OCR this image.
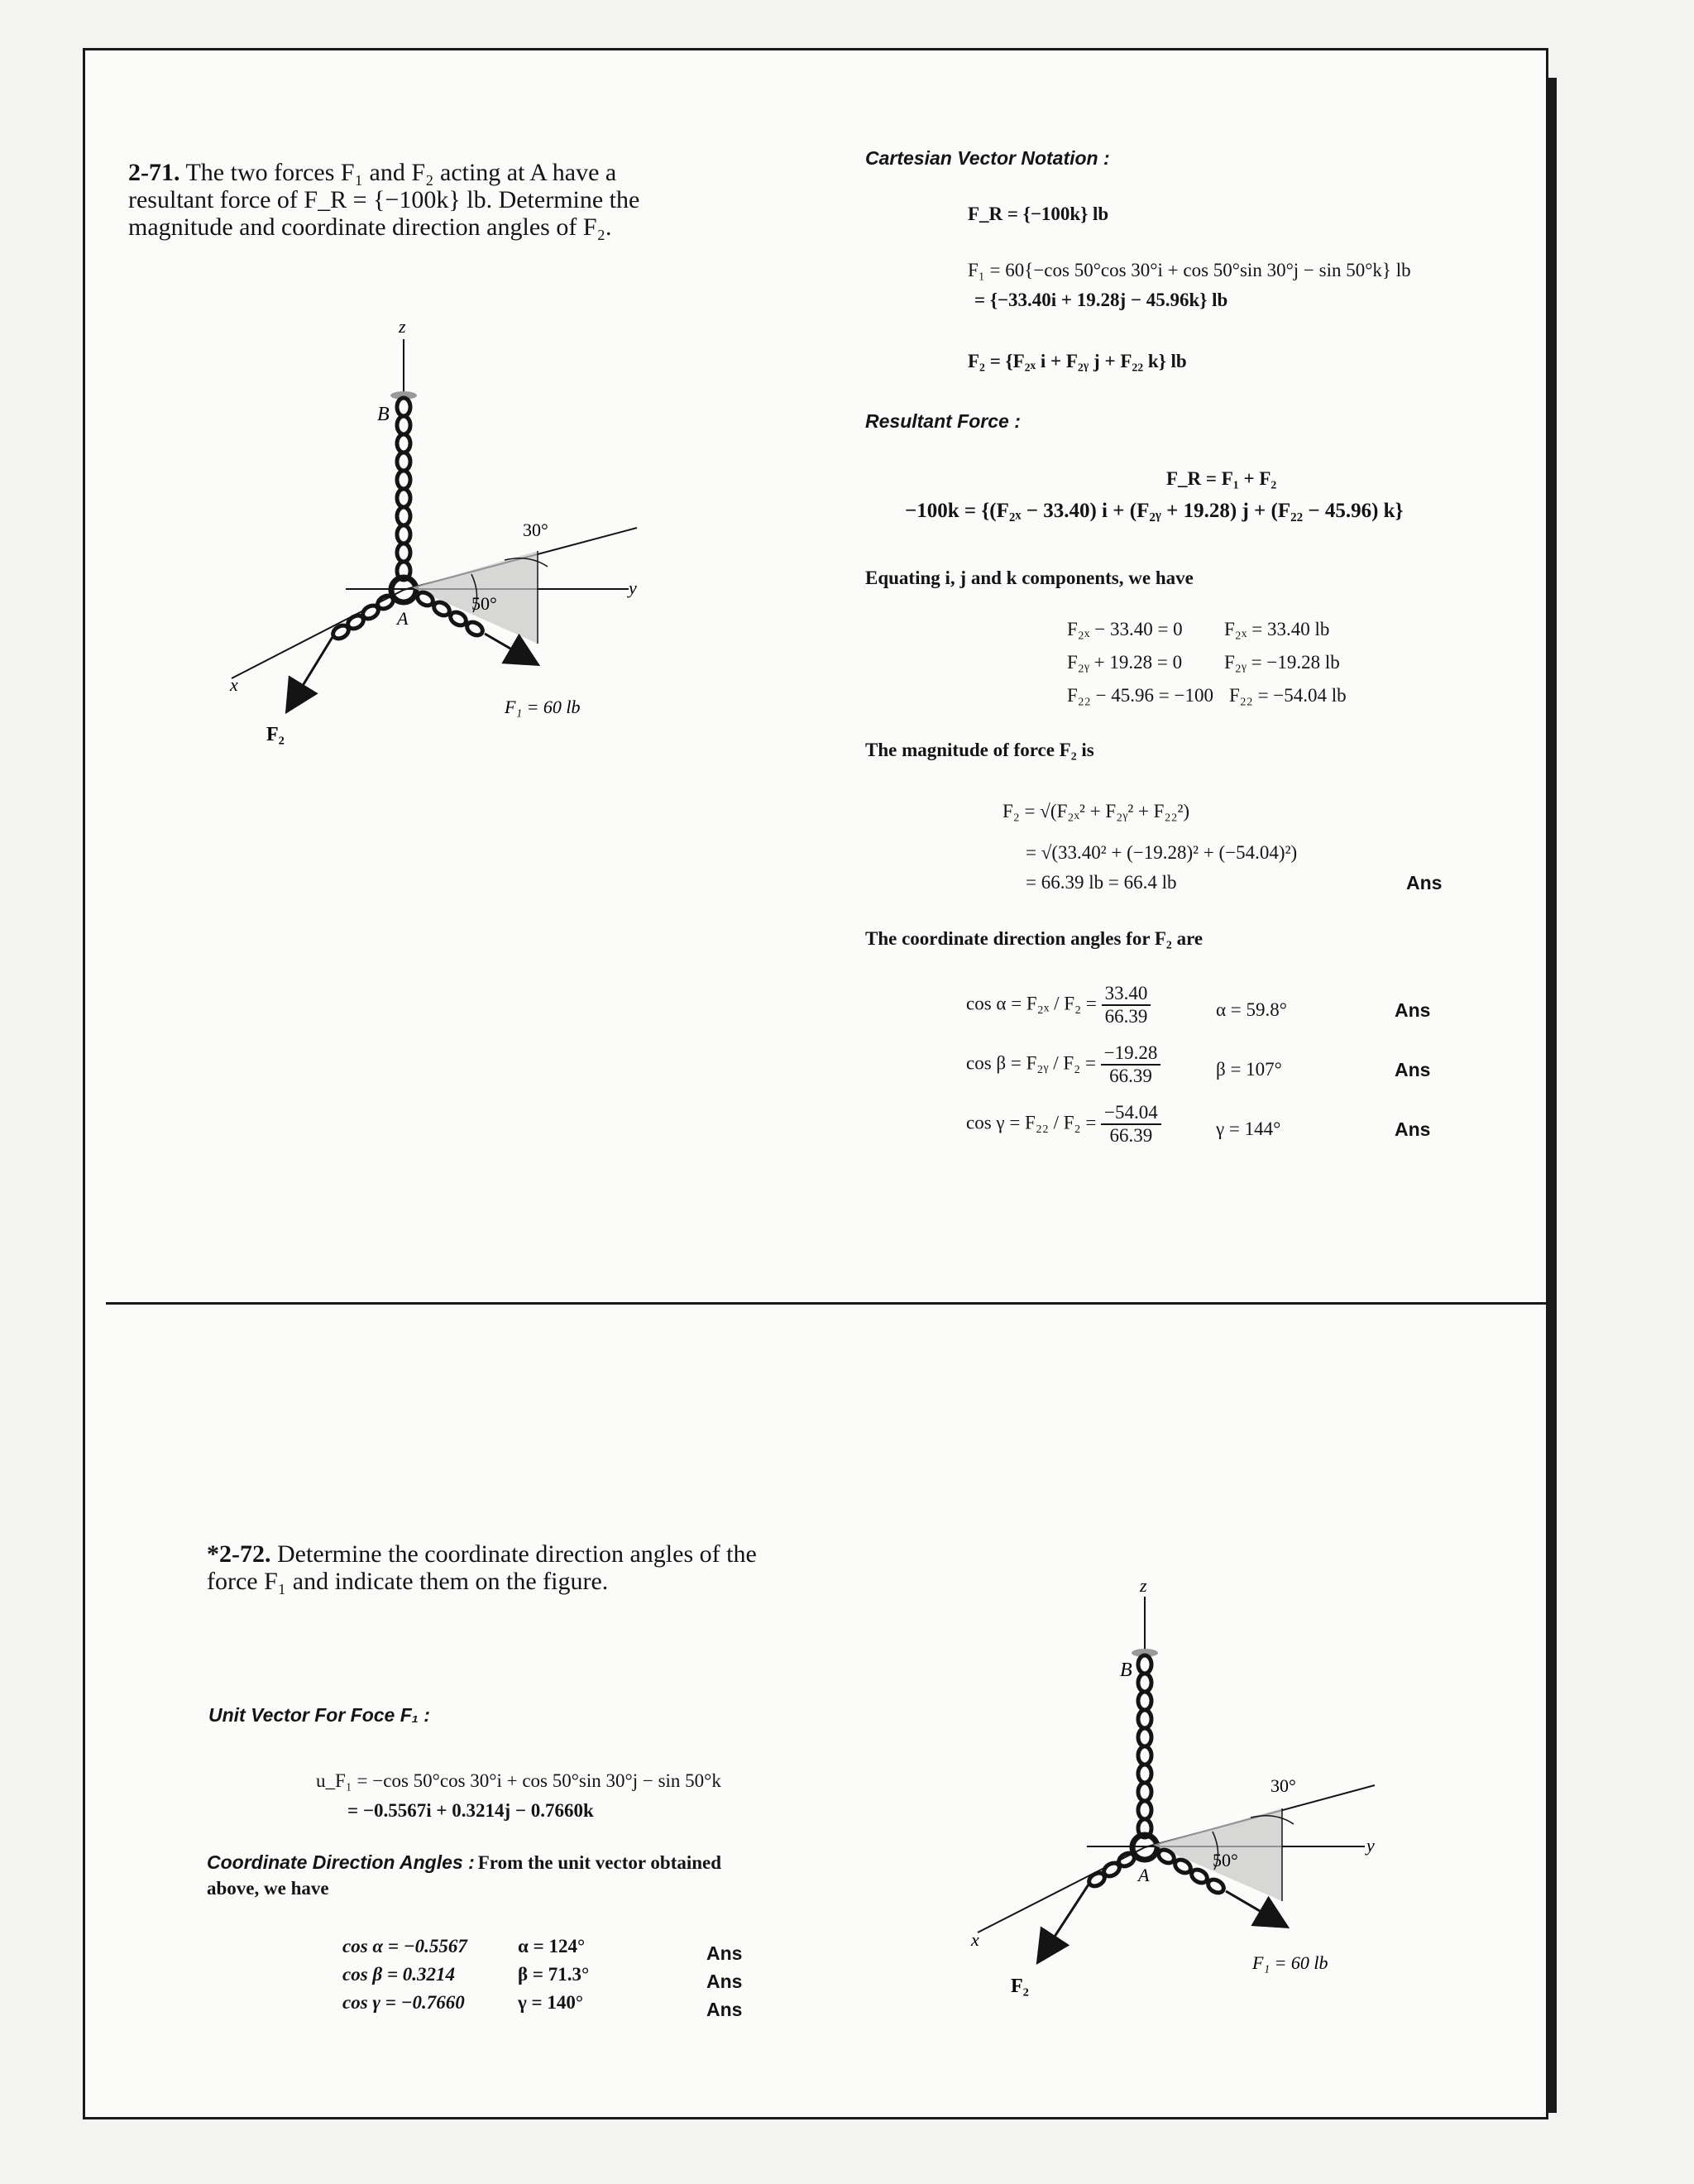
2-71. The two forces F₁ and F₂ acting at A have a
resultant force of F_R = {−100k} lb. Determine the
magnitude and coordinate direction angles of F₂.
z
B
A
y
x
30°
50°
F₁ = 60 lb
F₂
Cartesian Vector Notation :
F_R = {−100k} lb
F₁ = 60{−cos 50°cos 30°i + cos 50°sin 30°j − sin 50°k} lb
= {−33.40i + 19.28j − 45.96k} lb
F₂ = {F₂ₓ i + F₂ᵧ j + F₂₂ k} lb
Resultant Force :
F_R = F₁ + F₂
−100k = {(F₂ₓ − 33.40) i + (F₂ᵧ + 19.28) j + (F₂₂ − 45.96) k}
Equating i, j and k components, we have
F₂ₓ − 33.40 = 0 F₂ₓ = 33.40 lb
F₂ᵧ + 19.28 = 0 F₂ᵧ = −19.28 lb
F₂₂ − 45.96 = −100 F₂₂ = −54.04 lb
The magnitude of force F₂ is
F₂ = √(F₂ₓ² + F₂ᵧ² + F₂₂²)
= √(33.40² + (−19.28)² + (−54.04)²)
= 66.39 lb = 66.4 lb	Ans
The coordinate direction angles for F₂ are
$\cos \alpha = F_{2x} / F_2 = \frac{33.40}{66.39}$	α = 59.8°	Ans
cos β = F₂ᵧ / $F_2 = \frac{-19.28}{66.39}$	β = 107°	Ans
$\cos \gamma = F_{22} / F_2 = \frac{-54.04}{66.39}$	γ = 144°	Ans
*2-72. Determine the coordinate direction angles of the
force F₁ and indicate them on the figure.
Unit Vector For Foce F₁ :
u_F₁ = −cos 50°cos 30°i + cos 50°sin 30°j − sin 50°k
= −0.5567i + 0.3214j − 0.7660k
Coordinate Direction Angles : From the unit vector obtained
above, we have
cos α = −0.5567	α = 124°	Ans
cos β = 0.3214	β = 71.3°	Ans
cos γ = −0.7660	γ = 140°	Ans
z
B
A
y
x
30°
50°
F₁ = 60 lb
F₂
